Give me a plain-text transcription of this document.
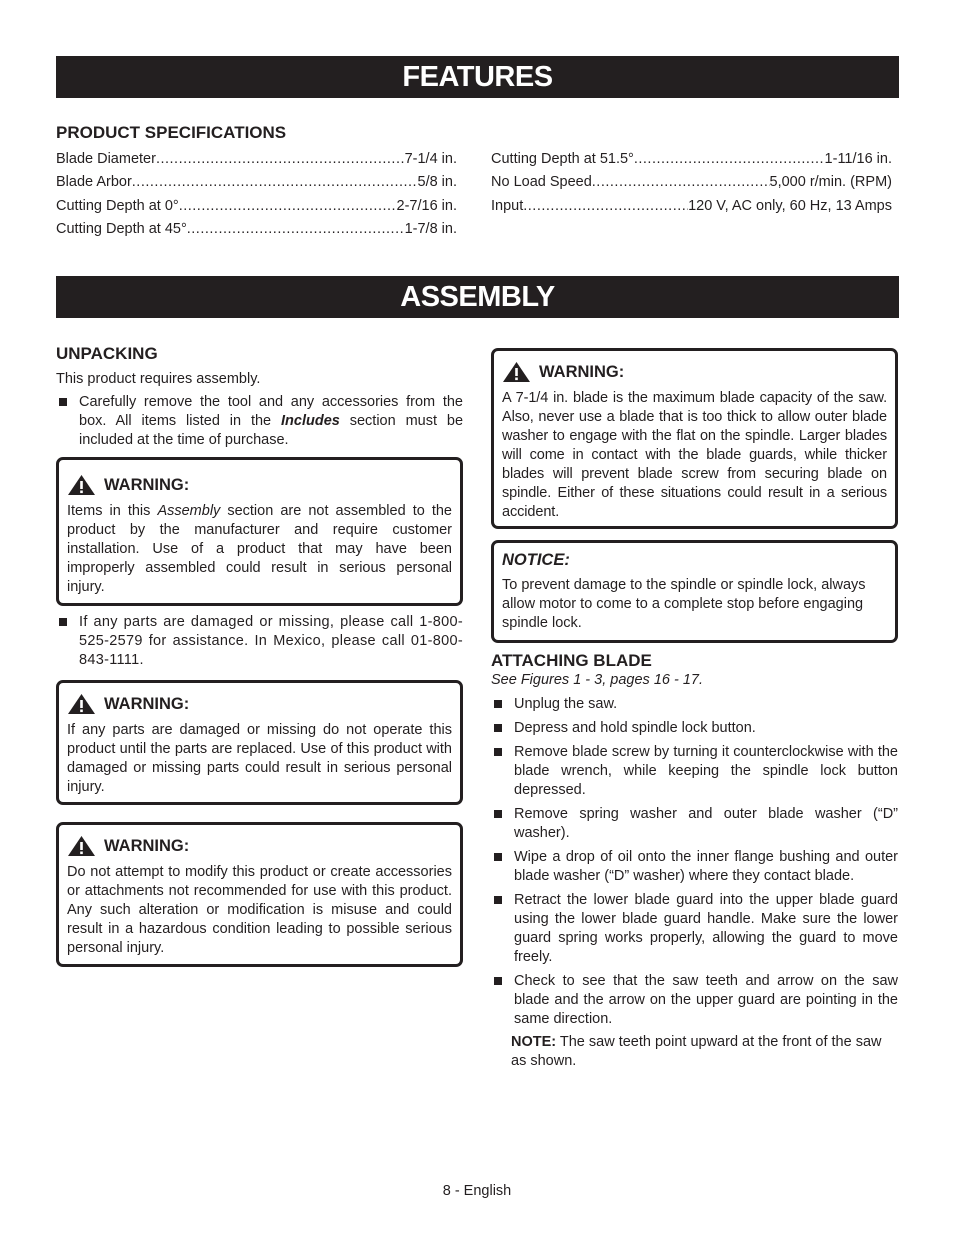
FEATURES
PRODUCT SPECIFICATIONS
Blade Diameter .....	7-1/4 in.
Blade Arbor .....	5/8 in.
Cutting Depth at 0° .....	2-7/16 in.
Cutting Depth at 45° .....	1-7/8 in.
Cutting Depth at 51.5° .....	1-11/16 in.
No Load Speed .....	5,000 r/min. (RPM)
Input .....	120 V, AC only, 60 Hz, 13 Amps
ASSEMBLY
UNPACKING

This product requires assembly.

Carefully remove the tool and any accessories from the box. All items listed in the Includes section must be included at the time of purchase.
WARNING:

Items in this Assembly section are not assembled to the product by the manufacturer and require customer installation. Use of a product that may have been improperly assembled could result in serious personal injury.

If any parts are damaged or missing, please call 1-800-525-2579 for assistance. In Mexico, please call 01-800-843-1111.
WARNING:

If any parts are damaged or missing do not operate this product until the parts are replaced. Use of this product with damaged or missing parts could result in serious personal injury.

WARNING:

Do not attempt to modify this product or create accessories or attachments not recommended for use with this product. Any such alteration or modification is misuse and could result in a hazardous condition leading to possible serious personal injury.

WARNING:

A 7-1/4 in. blade is the maximum blade capacity of the saw. Also, never use a blade that is too thick to allow outer blade washer to engage with the flat on the spindle. Larger blades will come in contact with the blade guards, while thicker blades will prevent blade screw from securing blade on spindle. Either of these situations could result in a serious accident.

NOTICE:

To prevent damage to the spindle or spindle lock, always allow motor to come to a complete stop before engaging spindle lock.

ATTACHING BLADE

See Figures 1 - 3, pages 16 - 17.

Unplug the saw.
Depress and hold spindle lock button.
Remove blade screw by turning it counterclockwise with the blade wrench, while keeping the spindle lock button depressed.
Remove spring washer and outer blade washer (“D” washer).
Wipe a drop of oil onto the inner flange bushing and outer blade washer (“D” washer) where they contact blade.
Retract the lower blade guard into the upper blade guard using the lower blade guard handle. Make sure the lower guard spring works properly, allowing the guard to move freely.
Check to see that the saw teeth and arrow on the saw blade and the arrow on the upper guard are pointing in the same direction.

NOTE: The saw teeth point upward at the front of the saw as shown.

8 - English
